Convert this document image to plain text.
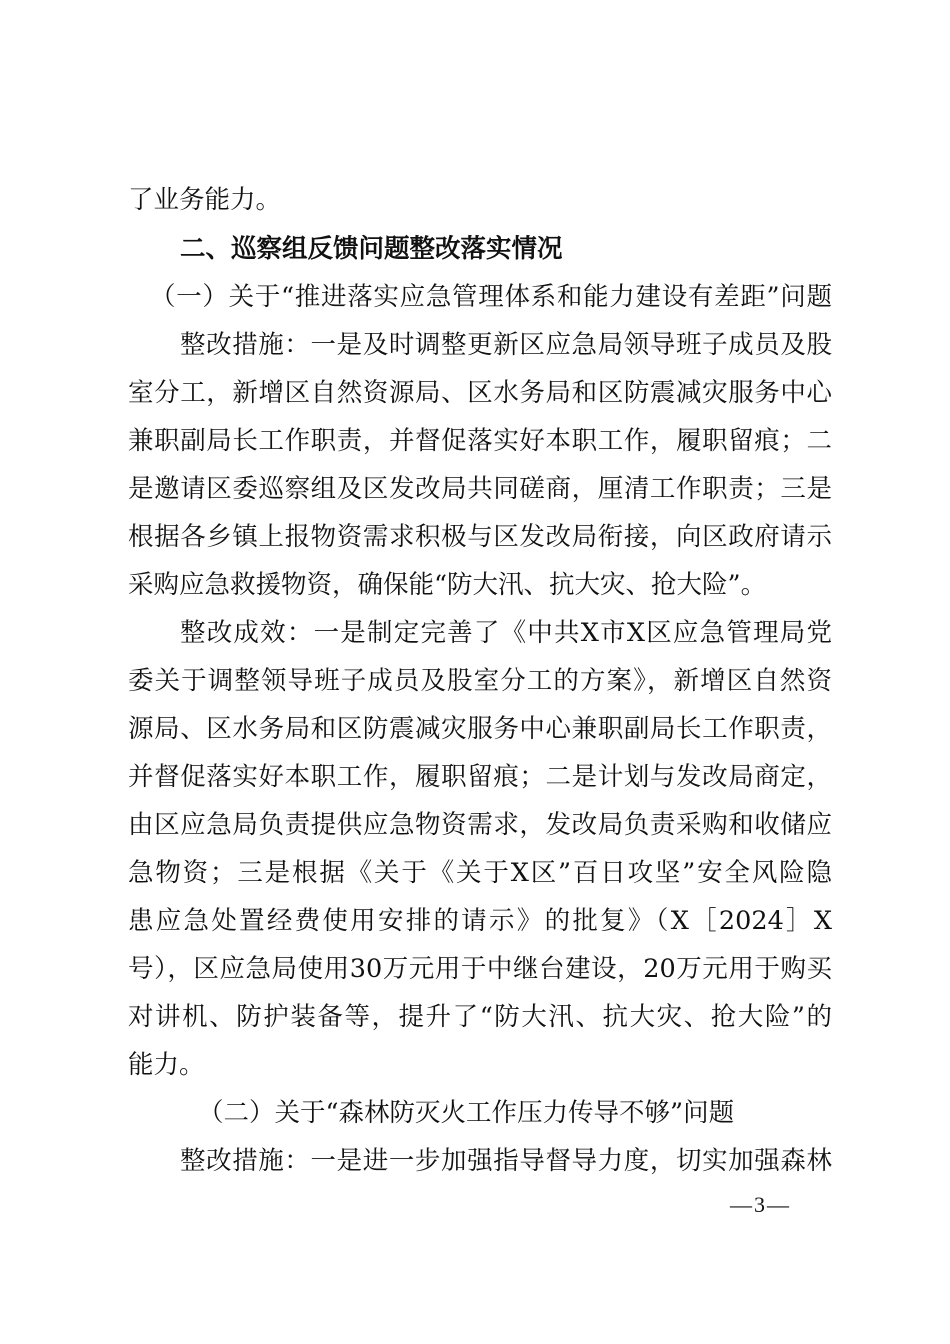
了业务能力。
二、巡察组反馈问题整改落实情况
（一）关于“推进落实应急管理体系和能力建设有差距”问题
整改措施：一是及时调整更新区应急局领导班子成员及股
室分工，新增区自然资源局、区水务局和区防震减灾服务中心
兼职副局长工作职责，并督促落实好本职工作，履职留痕；二
是邀请区委巡察组及区发改局共同磋商，厘清工作职责；三是
根据各乡镇上报物资需求积极与区发改局衔接，向区政府请示
采购应急救援物资，确保能“防大汛、抗大灾、抢大险”。
整改成效：一是制定完善了《中共X市X区应急管理局党
委关于调整领导班子成员及股室分工的方案》，新增区自然资
源局、区水务局和区防震减灾服务中心兼职副局长工作职责，
并督促落实好本职工作，履职留痕；二是计划与发改局商定，
由区应急局负责提供应急物资需求，发改局负责采购和收储应
急物资；三是根据《关于《关于X区”百日攻坚”安全风险隐
患应急处置经费使用安排的请示》的批复》（X［2024］X
号），区应急局使用30万元用于中继台建设，20万元用于购买
对讲机、防护装备等，提升了“防大汛、抗大灾、抢大险”的
能力。
（二）关于“森林防灭火工作压力传导不够”问题
整改措施：一是进一步加强指导督导力度，切实加强森林
—3—
